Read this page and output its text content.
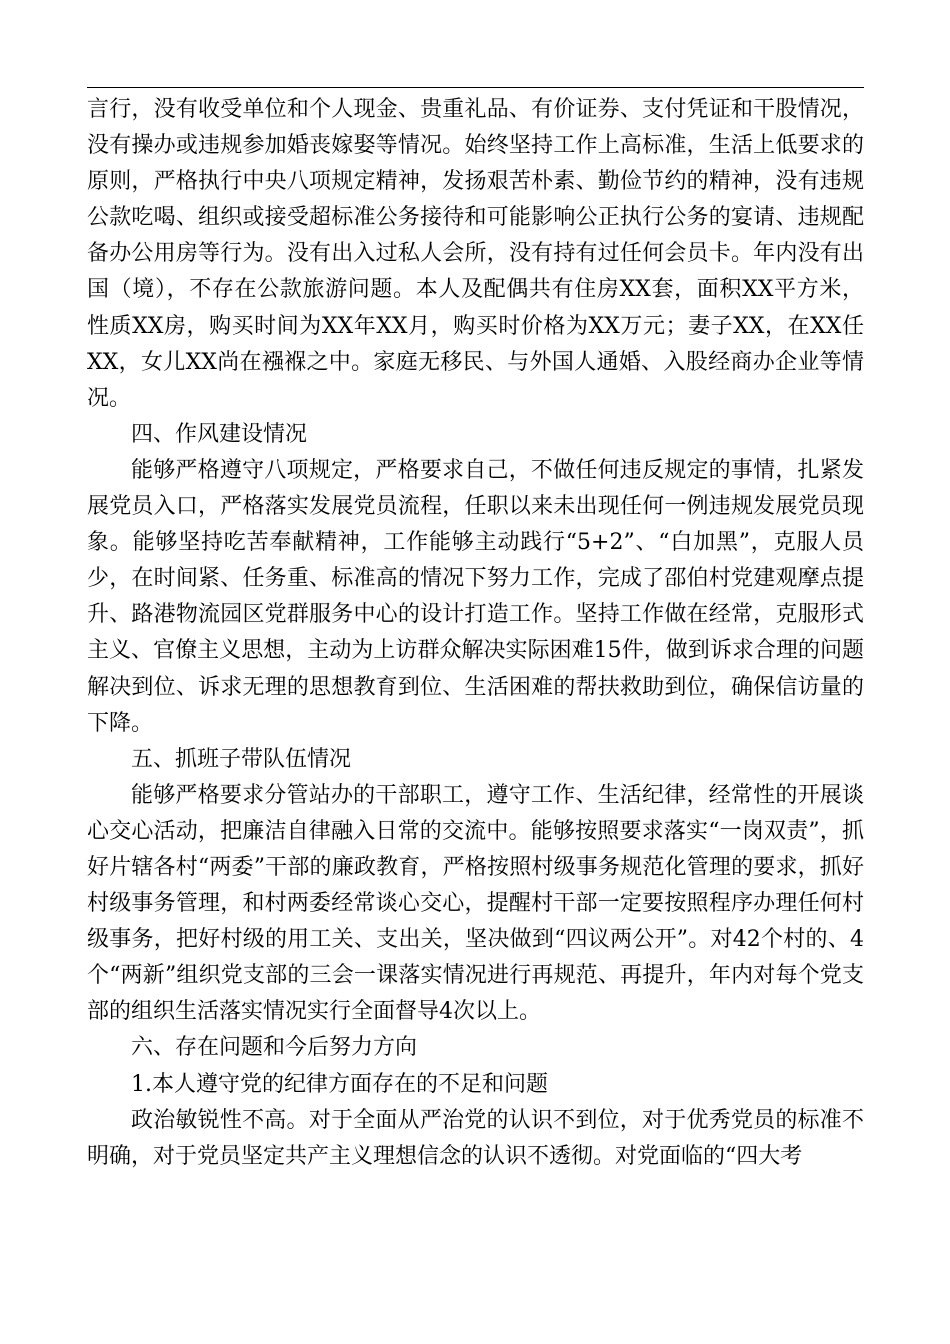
言行，没有收受单位和个人现金、贵重礼品、有价证券、支付凭证和干股情况，没有操办或违规参加婚丧嫁娶等情况。始终坚持工作上高标准，生活上低要求的原则，严格执行中央八项规定精神，发扬艰苦朴素、勤俭节约的精神，没有违规公款吃喝、组织或接受超标准公务接待和可能影响公正执行公务的宴请、违规配备办公用房等行为。没有出入过私人会所，没有持有过任何会员卡。年内没有出国（境），不存在公款旅游问题。本人及配偶共有住房XX套，面积XX平方米，性质XX房，购买时间为XX年XX月，购买时价格为XX万元；妻子XX，在XX任XX，女儿XX尚在襁褓之中。家庭无移民、与外国人通婚、入股经商办企业等情况。

四、作风建设情况

能够严格遵守八项规定，严格要求自己，不做任何违反规定的事情，扎紧发展党员入口，严格落实发展党员流程，任职以来未出现任何一例违规发展党员现象。能够坚持吃苦奉献精神，工作能够主动践行“5+2”、“白加黑”，克服人员少，在时间紧、任务重、标准高的情况下努力工作，完成了邵伯村党建观摩点提升、路港物流园区党群服务中心的设计打造工作。坚持工作做在经常，克服形式主义、官僚主义思想，主动为上访群众解决实际困难15件，做到诉求合理的问题解决到位、诉求无理的思想教育到位、生活困难的帮扶救助到位，确保信访量的下降。

五、抓班子带队伍情况

能够严格要求分管站办的干部职工，遵守工作、生活纪律，经常性的开展谈心交心活动，把廉洁自律融入日常的交流中。能够按照要求落实“一岗双责”，抓好片辖各村“两委”干部的廉政教育，严格按照村级事务规范化管理的要求，抓好村级事务管理，和村两委经常谈心交心，提醒村干部一定要按照程序办理任何村级事务，把好村级的用工关、支出关，坚决做到“四议两公开”。对42个村的、4个“两新”组织党支部的三会一课落实情况进行再规范、再提升，年内对每个党支部的组织生活落实情况实行全面督导4次以上。

六、存在问题和今后努力方向

1.本人遵守党的纪律方面存在的不足和问题

政治敏锐性不高。对于全面从严治党的认识不到位，对于优秀党员的标准不明确，对于党员坚定共产主义理想信念的认识不透彻。对党面临的“四大考
